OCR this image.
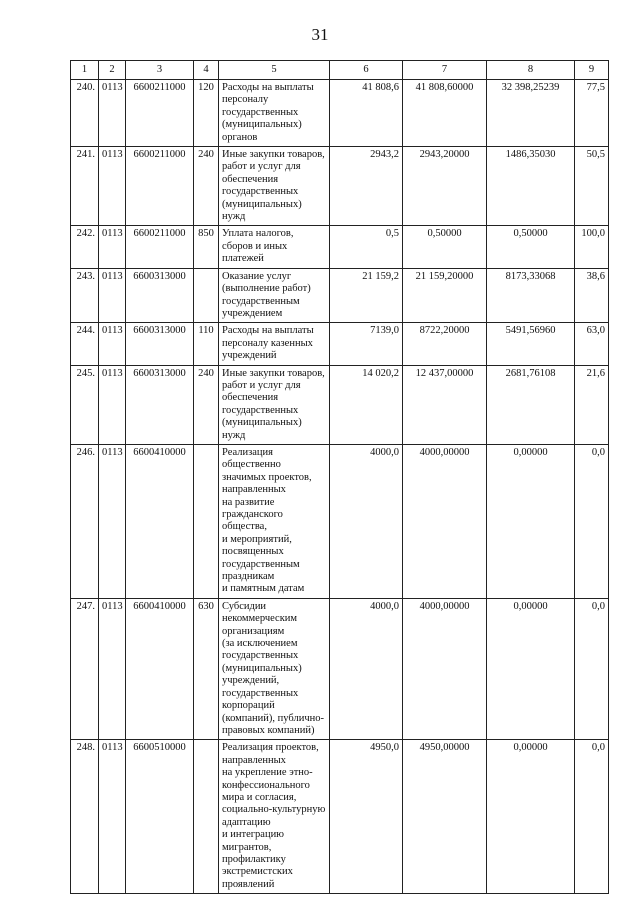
31
1	2	3	4	5	6	7	8	9
240.	0113	6600211000	120	Расходы на выплаты персоналу государственных (муниципальных) органов	41 808,6	41 808,60000	32 398,25239	77,5
241.	0113	6600211000	240	Иные закупки товаров, работ и услуг для обеспечения государственных (муниципальных) нужд	2943,2	2943,20000	1486,35030	50,5
242.	0113	6600211000	850	Уплата налогов, сборов и иных платежей	0,5	0,50000	0,50000	100,0
243.	0113	6600313000		Оказание услуг (выполнение работ) государственным учреждением	21 159,2	21 159,20000	8173,33068	38,6
244.	0113	6600313000	110	Расходы на выплаты персоналу казенных учреждений	7139,0	8722,20000	5491,56960	63,0
245.	0113	6600313000	240	Иные закупки товаров, работ и услуг для обеспечения государственных (муниципальных) нужд	14 020,2	12 437,00000	2681,76108	21,6
246.	0113	6600410000		Реализация общественно значимых проектов, направленных
на развитие гражданского общества,
и мероприятий, посвященных государственным праздникам
и памятным датам	4000,0	4000,00000	0,00000	0,0
247.	0113	6600410000	630	Субсидии некоммерческим организациям
(за исключением государственных (муниципальных) учреждений, государственных корпораций (компаний), публично-правовых компаний)	4000,0	4000,00000	0,00000	0,0
248.	0113	6600510000		Реализация проектов, направленных
на укрепление этно-конфессионального мира и согласия, социально-культурную адаптацию
и интеграцию мигрантов, профилактику экстремистских проявлений	4950,0	4950,00000	0,00000	0,0
